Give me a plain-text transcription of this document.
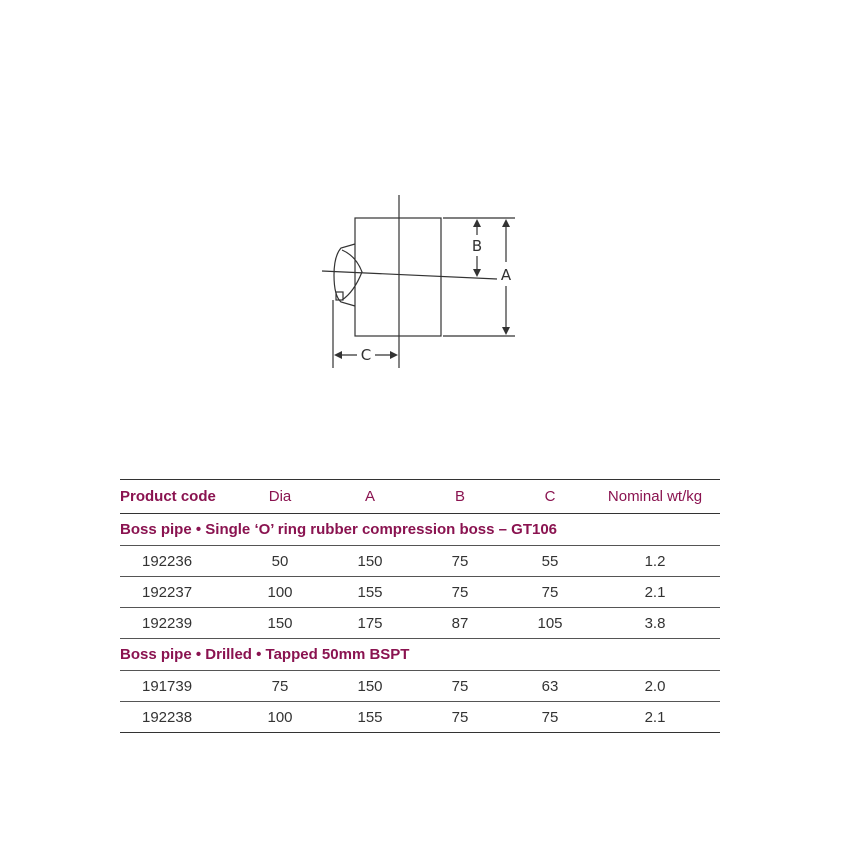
B
A
C
Product code	Dia	A	B	C	Nominal wt/kg
Boss pipe • Single ‘O’ ring rubber compression boss – GT106					
192236	50	150	75	55	1.2
192237	100	155	75	75	2.1
192239	150	175	87	105	3.8
Boss pipe • Drilled • Tapped 50mm BSPT					
191739	75	150	75	63	2.0
192238	100	155	75	75	2.1
